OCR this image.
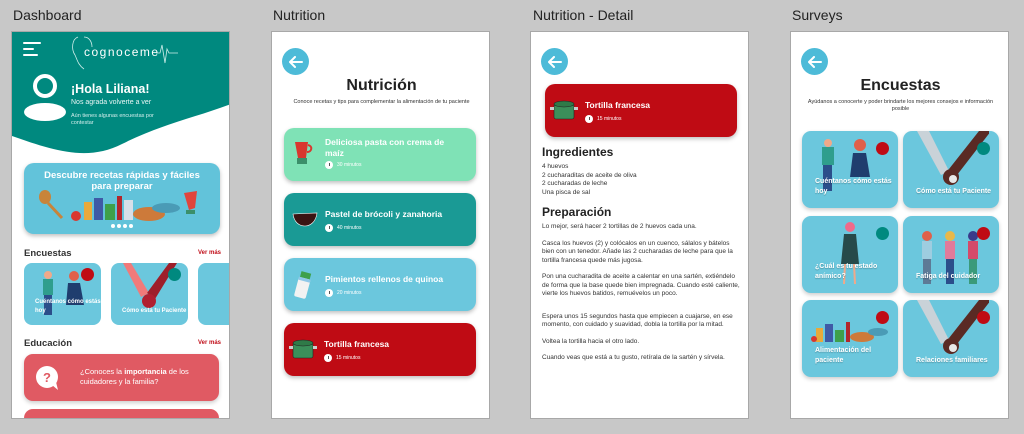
Dashboard	Nutrition	Nutrition - Detail	Surveys
cognoceme
¡Hola Liliana!
Nos agrada volverte a ver
Aún tienes algunas encuestas por contestar
Descubre recetas rápidas y fáciles para preparar
Encuestas	Ver más
Cuéntanos cómo estás hoy	Cómo está tu Paciente
Educación	Ver más
?	¿Conoces la importancia de los cuidadores y la familia?
Nutrición
Conoce recetas y tips para complementar la alimentación de tu paciente
Deliciosa pasta con crema de maíz
30 minutos
Pastel de brócoli y zanahoria
40 minutos
Pimientos rellenos de quinoa
20 minutos
Tortilla francesa
15 minutos
Tortilla francesa
15 minutos
Ingredientes
4 huevos
2 cucharaditas de aceite de oliva
2 cucharadas de leche
Una pisca de sal
Preparación

Lo mejor, será hacer 2 tortillas de 2 huevos cada una.

Casca los huevos (2) y colócalos en un cuenco, sálalos y bátelos bien con un tenedor. Añade las 2 cucharadas de leche para que la tortilla francesa quede más jugosa.

Pon una cucharadita de aceite a calentar en una sartén, extiéndelo de forma que la base quede bien impregnada. Cuando esté caliente, vierte los huevos batidos, remuévelos un poco.

Espera unos 15 segundos hasta que empiecen a cuajarse, en ese momento, con cuidado y suavidad, dobla la tortilla por la mitad.

Voltea la tortilla hacia el otro lado.

Cuando veas que está a tu gusto, retírala de la sartén y sírvela.

Encuestas
Ayúdanos a conocerte y poder brindarte los mejores consejos e información posible
Cuéntanos cómo estás hoy	Cómo está tu Paciente
¿Cuál es tu estado anímico?	Fatiga del cuidador
Alimentación del paciente	Relaciones familiares
